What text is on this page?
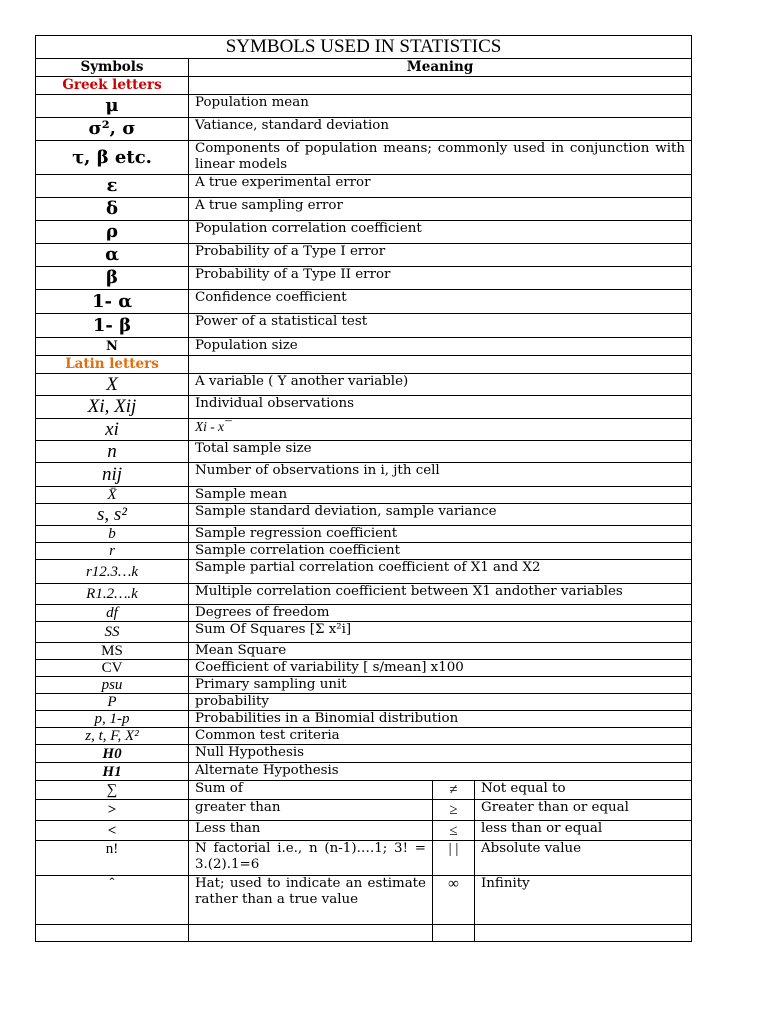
SYMBOLS USED IN STATISTICS			
Symbols	Meaning		
Greek letters			
μ	Population mean		
σ², σ	Vatiance, standard deviation		
τ, β etc.	Components of population means; commonly used in conjunction with linear models		
ε	A true experimental error		
δ	A true sampling error		
ρ	Population correlation coefficient		
α	Probability of a Type I error		
β	Probability of a Type II error		
1- α	Confidence coefficient		
1- β	Power of a statistical test		
N	Population size		
Latin letters			
X	A variable ( Y another variable)		
Xi, Xij	Individual observations		
xi	Xi - x¯		
n	Total sample size		
nij	Number of observations in i, jth cell		
X̄	Sample mean		
s, s²	Sample standard deviation, sample variance		
b	Sample regression coefficient		
r	Sample correlation coefficient		
r12.3…k	Sample partial correlation coefficient of X1 and X2		
R1.2….k	Multiple correlation coefficient between X1 andother variables		
df	Degrees of freedom		
SS	Sum Of Squares [Σ x²i]		
MS	Mean Square		
CV	Coefficient of variability [ s/mean] x100		
psu	Primary sampling unit		
P	probability		
p, 1-p	Probabilities in a Binomial distribution		
z, t, F, X²	Common test criteria		
H0	Null Hypothesis		
H1	Alternate Hypothesis		
∑	Sum of	≠	Not equal to
>	greater than	≥	Greater than or equal
<	Less than	≤	less than or equal
n!	N factorial i.e., n (n-1)….1; 3! = 3.(2).1=6	| |	Absolute value
ˆ	Hat; used to indicate an estimate rather than a true value	∞	Infinity
